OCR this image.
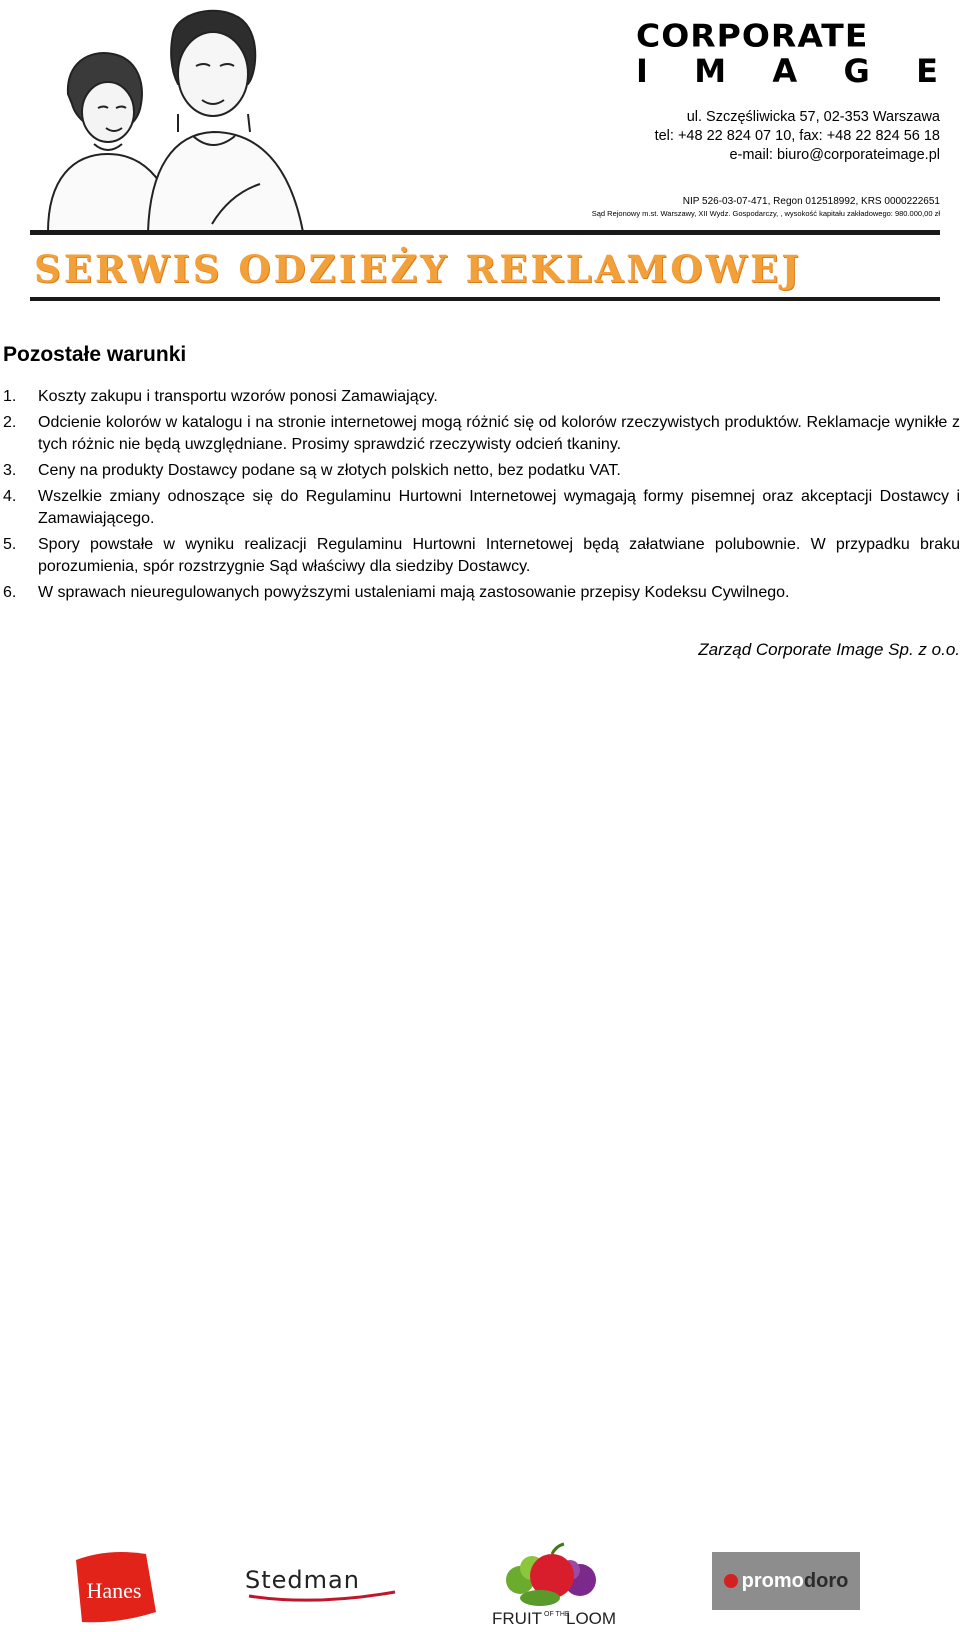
CORPORATE
I M A G E
ul. Szczęśliwicka 57, 02-353 Warszawa
tel: +48 22 824 07 10, fax: +48 22 824 56 18
e-mail: biuro@corporateimage.pl
NIP 526-03-07-471, Regon 012518992, KRS 0000222651
Sąd Rejonowy m.st. Warszawy, XII Wydz. Gospodarczy, , wysokość kapitału zakładowego: 980.000,00 zł
SERWIS ODZIEŻY REKLAMOWEJ
Pozostałe warunki
1.	Koszty zakupu i transportu wzorów ponosi Zamawiający.
2.	Odcienie kolorów w katalogu i na stronie internetowej mogą różnić się od kolorów rzeczywistych produktów. Reklamacje wynikłe z tych różnic nie będą uwzględniane. Prosimy sprawdzić rzeczywisty odcień tkaniny.
3.	Ceny na produkty Dostawcy podane są w złotych polskich netto, bez podatku VAT.
4.	Wszelkie zmiany odnoszące się do Regulaminu Hurtowni Internetowej wymagają formy pisemnej oraz akceptacji Dostawcy i Zamawiającego.
5.	Spory powstałe w wyniku realizacji Regulaminu Hurtowni Internetowej będą załatwiane polubownie. W przypadku braku porozumienia, spór rozstrzygnie Sąd właściwy dla siedziby Dostawcy.
6.	W sprawach nieuregulowanych powyższymi ustaleniami mają zastosowanie przepisy Kodeksu Cywilnego.
Zarząd Corporate Image Sp. z o.o.
Hanes	Stedman
FRUIT OF THE
LOOM
promo doro
